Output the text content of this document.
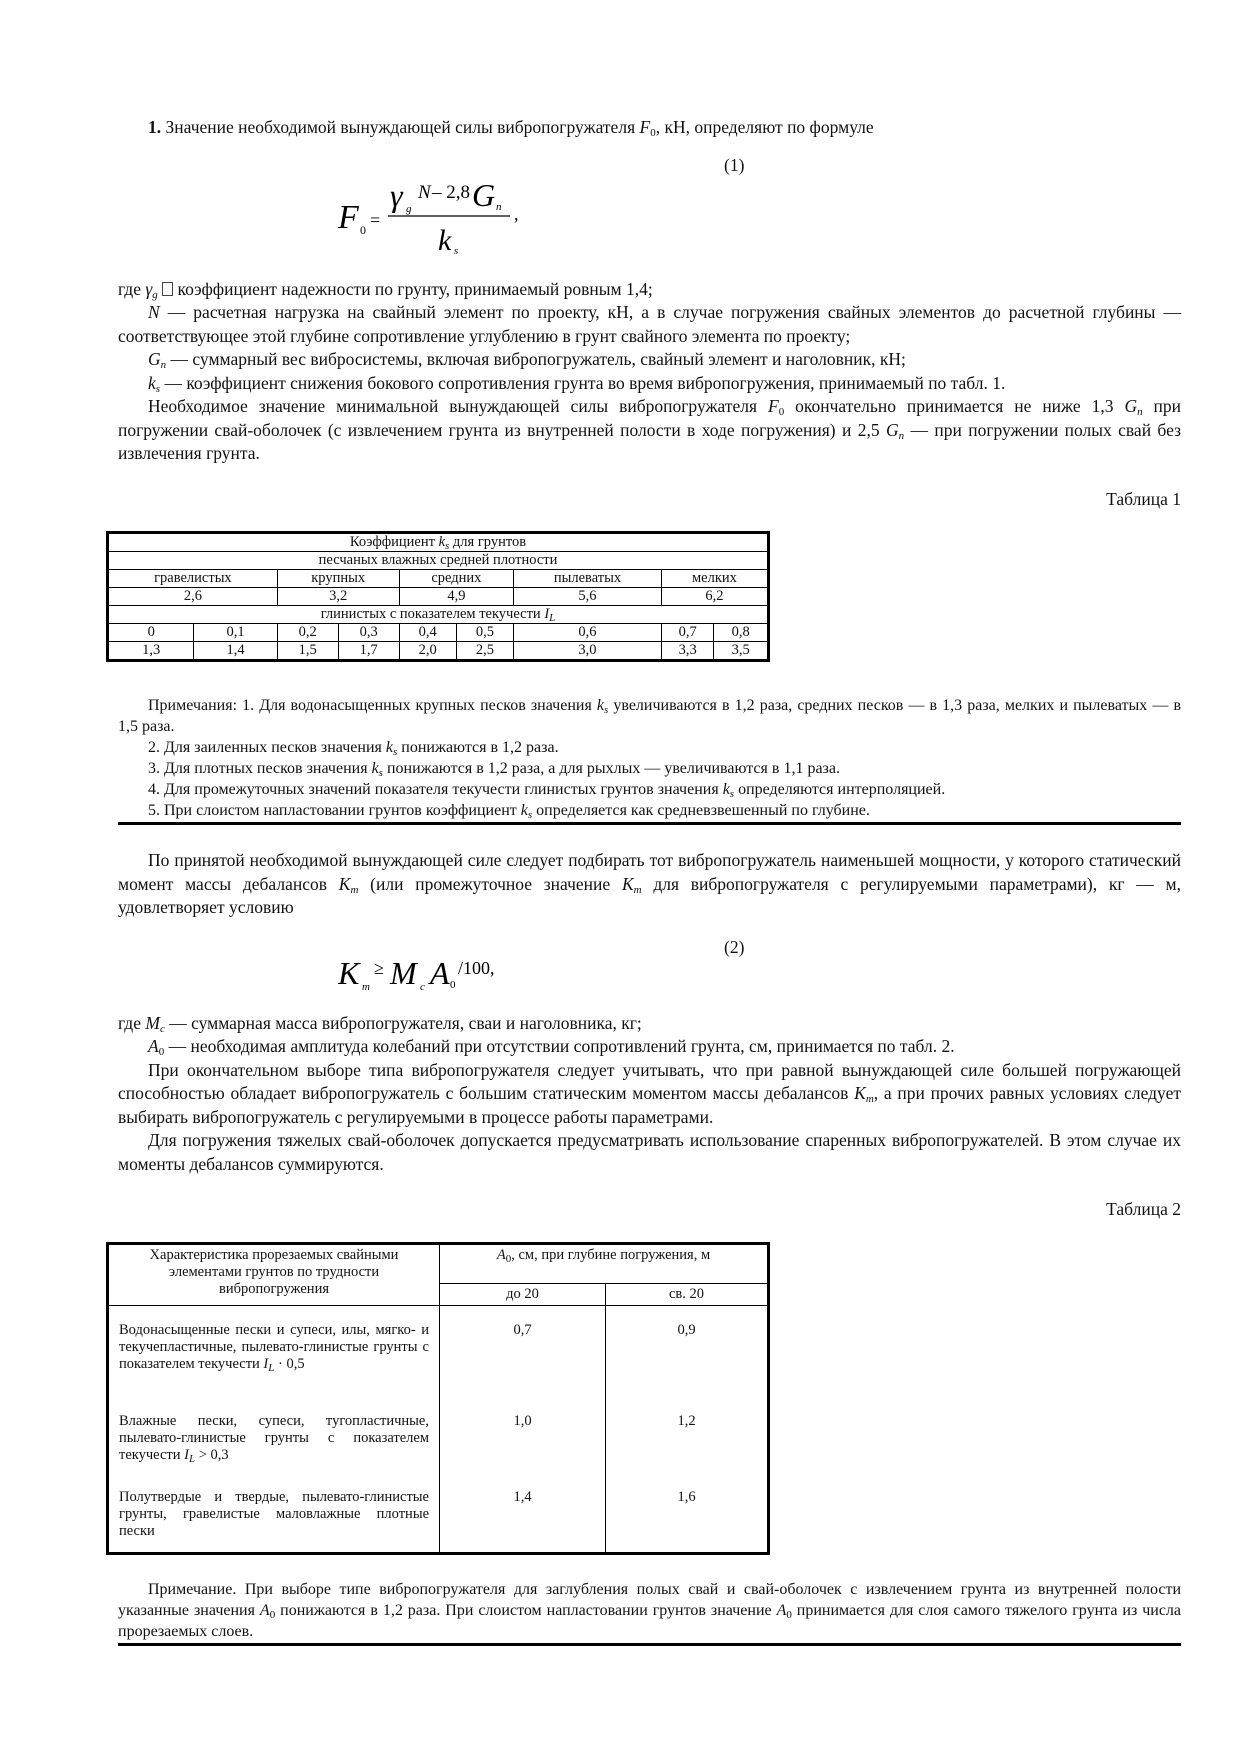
1. Значение необходимой вынуждающей силы вибропогружателя $F_0$, кН, определяют по формуле

(1)
F 0 =
γ g
N – 2,8 G n
k s
,

где $\gamma_g$  коэффициент надежности по грунту, принимаемый ровным 1,4;

N — расчетная нагрузка на свайный элемент по проекту, кН, а в случае погружения свайных элементов до расчетной глубины — соответствующее этой глубине сопротивление углублению в грунт свайного элемента по проекту;

$G_n$ — суммарный вес вибросистемы, включая вибропогружатель, свайный элемент и наголовник, кН;

$k_s$ — коэффициент снижения бокового сопротивления грунта во время вибропогружения, принимаемый по табл. 1.

Необходимое значение минимальной вынуждающей силы вибропогружателя $F_0$ окончательно принимается не ниже 1,3 $G_n$ при погружении свай-оболочек (с извлечением грунта из внутренней полости в ходе погружения) и 2,5 $G_n$ — при погружении полых свай без извлечения грунта.

Таблица 1

Коэффициент $k_s$ для грунтов								
песчаных влажных средней плотности								
гравелистых		крупных		средних		пылеватых	мелких	
2,6		3,2		4,9		5,6	6,2	
глинистых с показателем текучести $I_L$
0	0,1	0,2	0,3	0,4	0,5	0,6	0,7	0,8
1,3	1,4	1,5	1,7	2,0	2,5	3,0	3,3	3,5

Примечания: 1. Для водонасыщенных крупных песков значения $k_s$ увеличиваются в 1,2 раза, средних песков — в 1,3 раза, мелких и пылеватых — в 1,5 раза.

2. Для заиленных песков значения $k_s$ понижаются в 1,2 раза.

3. Для плотных песков значения $k_s$ понижаются в 1,2 раза, а для рыхлых — увеличиваются в 1,1 раза.

4. Для промежуточных значений показателя текучести глинистых грунтов значения $k_s$ определяются интерполяцией.

5. При слоистом напластовании грунтов коэффициент $k_s$ определяется как средневзвешенный по глубине.

По принятой необходимой вынуждающей силе следует подбирать тот вибропогружатель наименьшей мощности, у которого статический момент массы дебалансов $K_m$ (или промежуточное значение $K_m$ для вибропогружателя с регулируемыми параметрами), кг — м, удовлетворяет условию

(2)
K m
≥ M c A 0
/100,

где $M_c$ — суммарная масса вибропогружателя, сваи и наголовника, кг;

$A_0$ — необходимая амплитуда колебаний при отсутствии сопротивлений грунта, см, принимается по табл. 2.

При окончательном выборе типа вибропогружателя следует учитывать, что при равной вынуждающей силе большей погружающей способностью обладает вибропогружатель с большим статическим моментом массы дебалансов $K_m$, а при прочих равных условиях следует выбирать вибропогружатель с регулируемыми в процессе работы параметрами.

Для погружения тяжелых свай-оболочек допускается предусматривать использование спаренных вибропогружателей. В этом случае их моменты дебалансов суммируются.

Таблица 2

Характеристика прорезаемых свайными элементами грунтов по трудности вибропогружения	$A_0$, см, при глубине погружения, м	
	до 20	св. 20
Водонасыщенные пески и супеси, илы, мягко- и текучепластичные, пылевато-глинистые грунты с показателем текучести $I_L \cdot 0,5$	0,7	0,9
Влажные пески, супеси, тугопластичные, пылевато-глинистые грунты с показателем текучести $I_L > 0,3$	1,0	1,2
Полутвердые и твердые, пылевато-глинистые грунты, гравелистые маловлажные плотные пески	1,4	1,6

Примечание. При выборе типе вибропогружателя для заглубления полых свай и свай-оболочек с извлечением грунта из внутренней полости указанные значения $A_0$ понижаются в 1,2 раза. При слоистом напластовании грунтов значение $A_0$ принимается для слоя самого тяжелого грунта из числа прорезаемых слоев.
